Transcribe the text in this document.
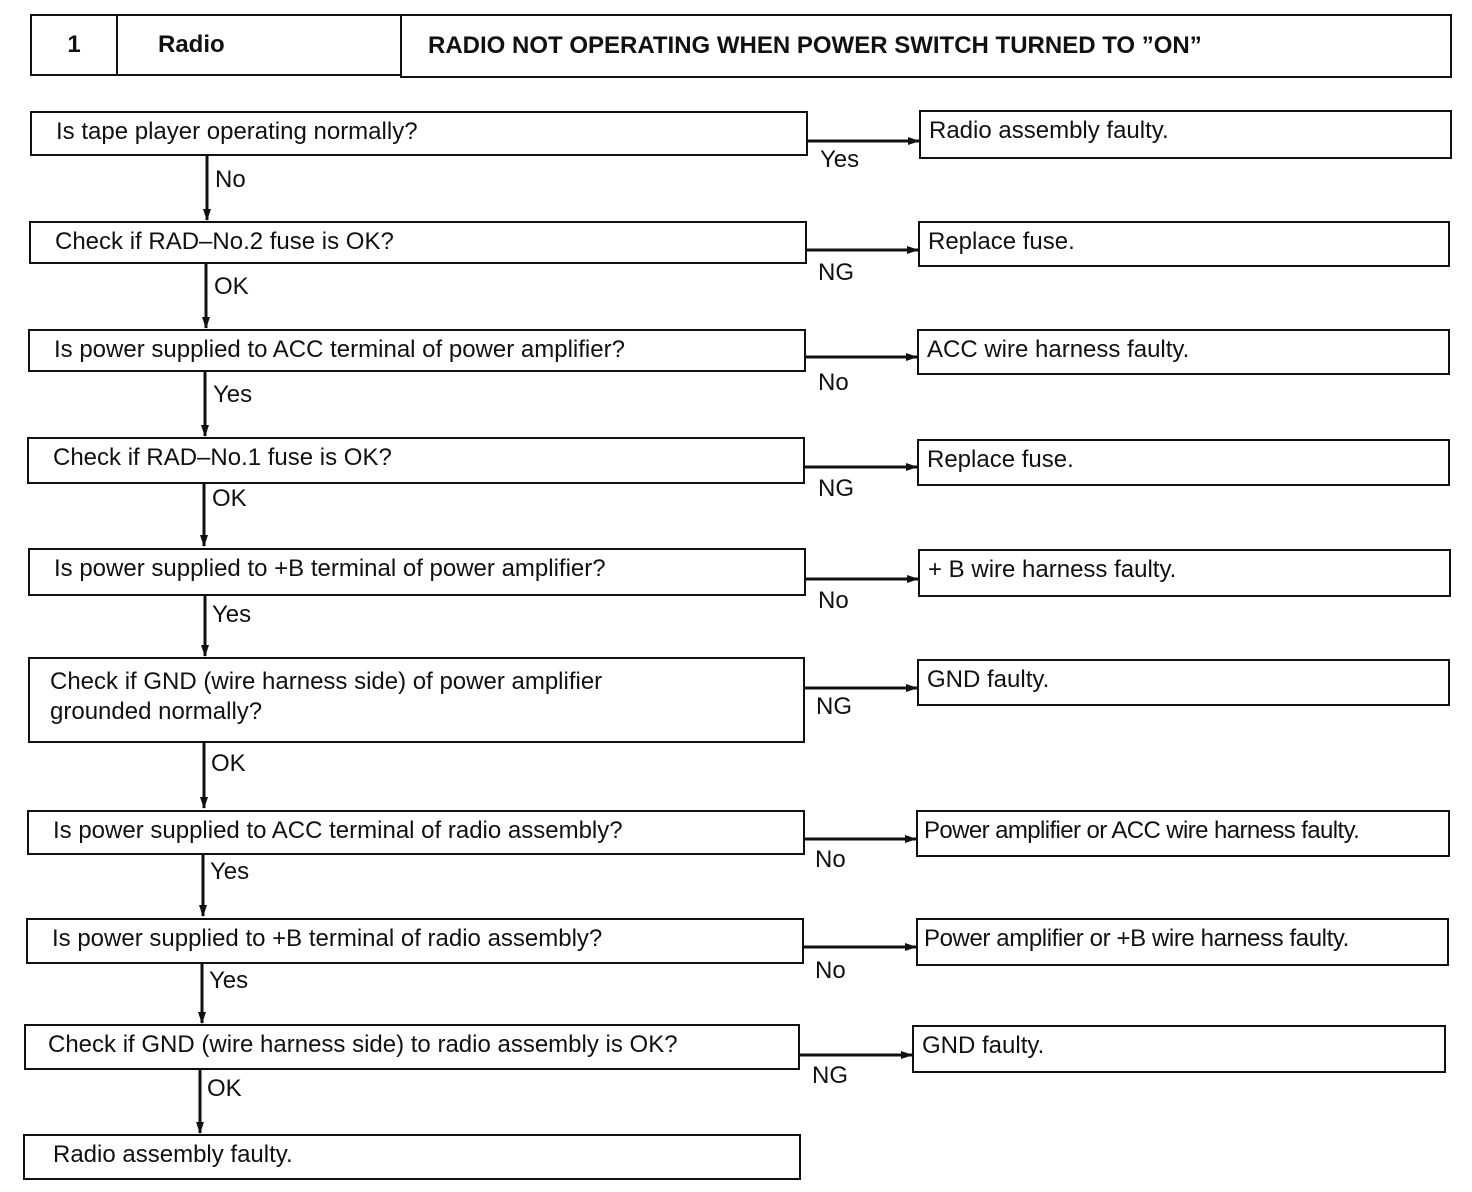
1	Radio	RADIO NOT OPERATING WHEN POWER SWITCH TURNED TO ”ON”
Is tape player operating normally?	Radio assembly faulty.
Yes
No
Check if RAD–No.2 fuse is OK?	Replace fuse.
NG
OK
Is power supplied to ACC terminal of power amplifier?	ACC wire harness faulty.
No
Yes
Check if RAD–No.1 fuse is OK?	Replace fuse.
NG
OK
Is power supplied to +B terminal of power amplifier?	+ B wire harness faulty.
No
Yes
Check if GND (wire harness side) of power amplifier grounded normally?
GND faulty.
NG
OK
Is power supplied to ACC terminal of radio assembly?	Power amplifier or ACC wire harness faulty.
No
Yes
Is power supplied to +B terminal of radio assembly?	Power amplifier or +B wire harness faulty.
No
Yes
Check if GND (wire harness side) to radio assembly is OK?	GND faulty.
NG
OK
Radio assembly faulty.
